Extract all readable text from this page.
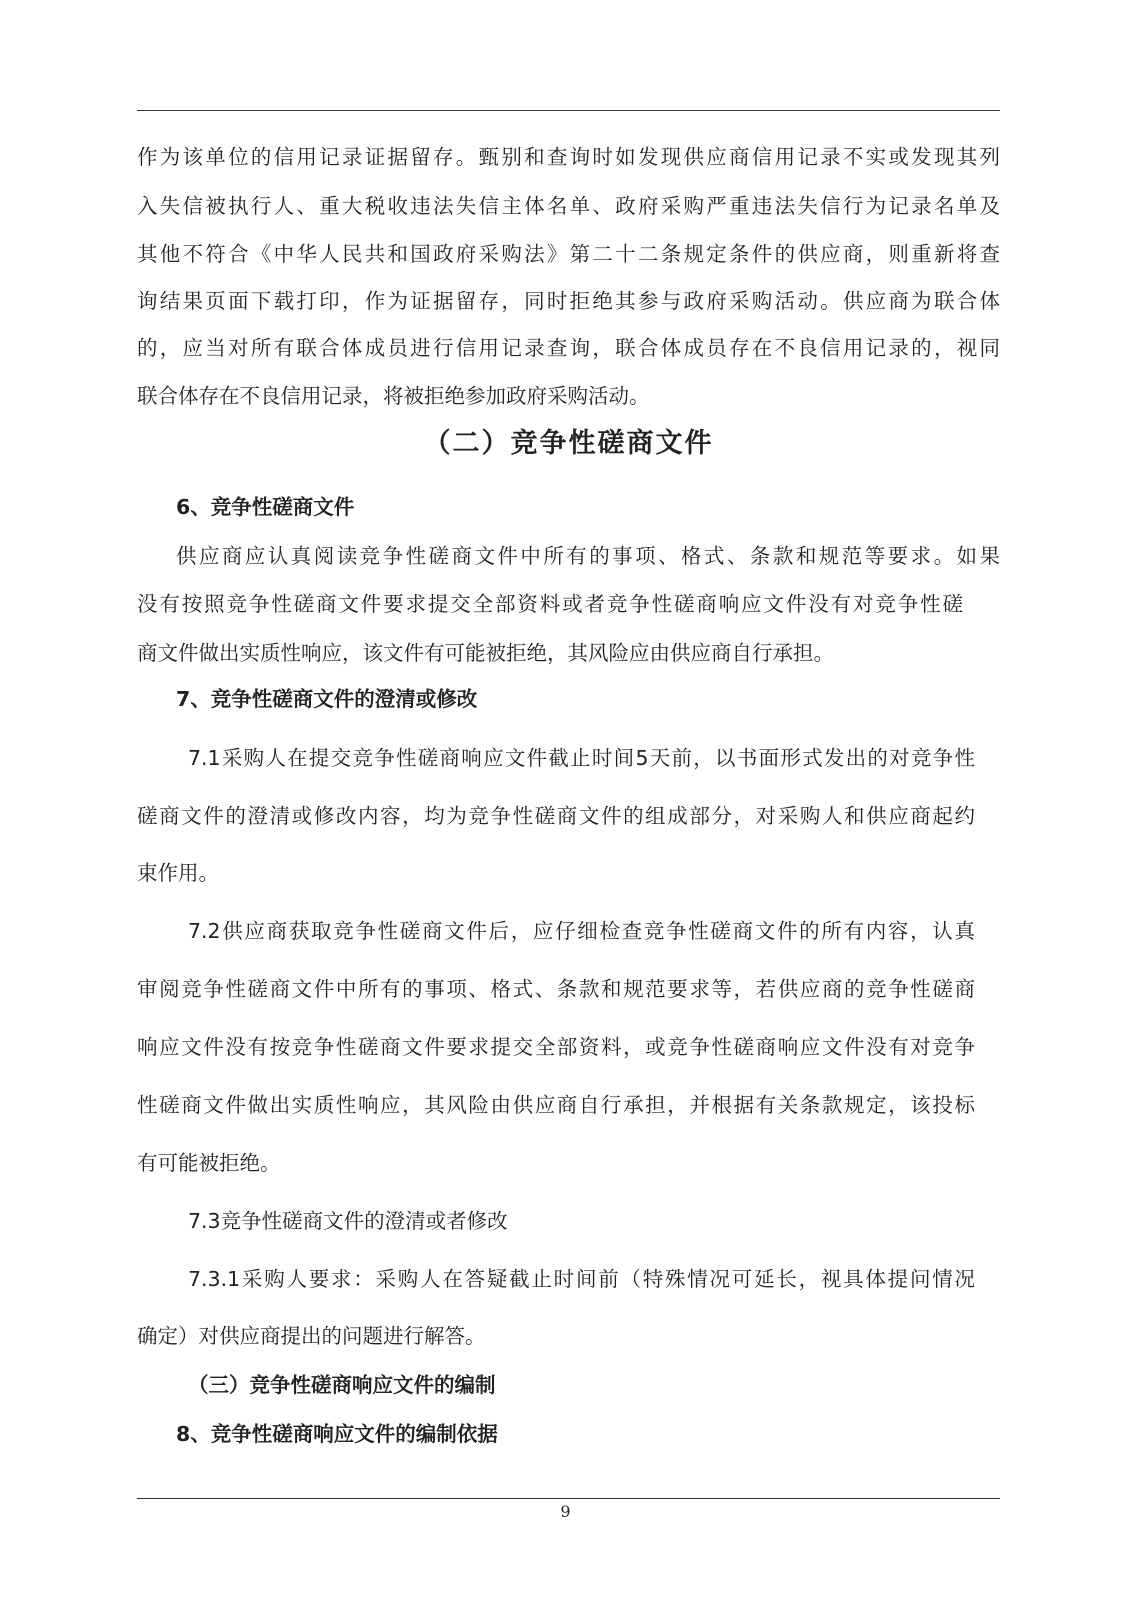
作为该单位的信用记录证据留存。甄别和查询时如发现供应商信用记录不实或发现其列
入失信被执行人、重大税收违法失信主体名单、政府采购严重违法失信行为记录名单及
其他不符合《中华人民共和国政府采购法》第二十二条规定条件的供应商，则重新将查
询结果页面下载打印，作为证据留存，同时拒绝其参与政府采购活动。供应商为联合体
的，应当对所有联合体成员进行信用记录查询，联合体成员存在不良信用记录的，视同
联合体存在不良信用记录，将被拒绝参加政府采购活动。
（二）竞争性磋商文件
6、竞争性磋商文件
供应商应认真阅读竞争性磋商文件中所有的事项、格式、条款和规范等要求。如果
没有按照竞争性磋商文件要求提交全部资料或者竞争性磋商响应文件没有对竞争性磋
商文件做出实质性响应，该文件有可能被拒绝，其风险应由供应商自行承担。
7、竞争性磋商文件的澄清或修改
7.1采购人在提交竞争性磋商响应文件截止时间5天前，以书面形式发出的对竞争性
磋商文件的澄清或修改内容，均为竞争性磋商文件的组成部分，对采购人和供应商起约
束作用。
7.2供应商获取竞争性磋商文件后，应仔细检查竞争性磋商文件的所有内容，认真
审阅竞争性磋商文件中所有的事项、格式、条款和规范要求等，若供应商的竞争性磋商
响应文件没有按竞争性磋商文件要求提交全部资料，或竞争性磋商响应文件没有对竞争
性磋商文件做出实质性响应，其风险由供应商自行承担，并根据有关条款规定，该投标
有可能被拒绝。
7.3竞争性磋商文件的澄清或者修改
7.3.1采购人要求：采购人在答疑截止时间前（特殊情况可延长，视具体提问情况
确定）对供应商提出的问题进行解答。
（三）竞争性磋商响应文件的编制
8、竞争性磋商响应文件的编制依据
9
